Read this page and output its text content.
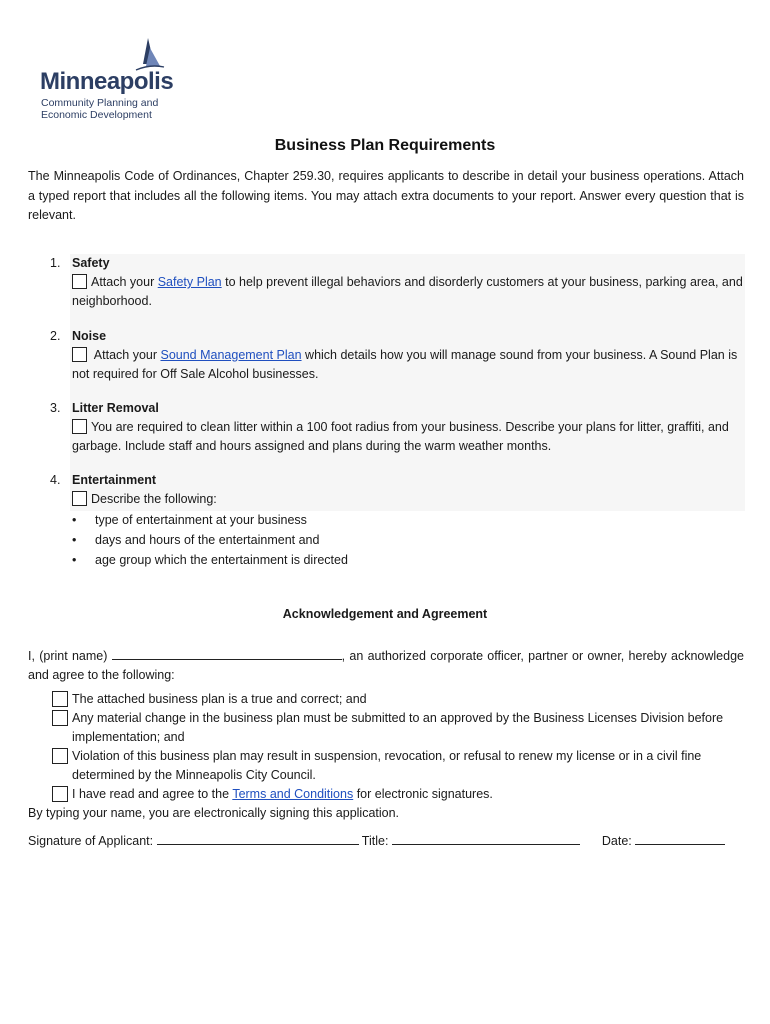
Minneapolis
Community Planning and
Economic Development
Business Plan Requirements

The Minneapolis Code of Ordinances, Chapter 259.30, requires applicants to describe in detail your business operations. Attach a typed report that includes all the following items. You may attach extra documents to your report. Answer every question that is relevant.

1. Safety
Attach your Safety Plan to help prevent illegal behaviors and disorderly customers at your business, parking area, and neighborhood.
2. Noise
Attach your Sound Management Plan which details how you will manage sound from your business. A Sound Plan is not required for Off Sale Alcohol businesses.
3. Litter Removal
You are required to clean litter within a 100 foot radius from your business. Describe your plans for litter, graffiti, and garbage. Include staff and hours assigned and plans during the warm weather months.
4. Entertainment
Describe the following:
• type of entertainment at your business
• days and hours of the entertainment and
• age group which the entertainment is directed
Acknowledgement and Agreement

I, (print name)	, an authorized corporate officer, partner or owner, hereby acknowledge and agree to the following:

The attached business plan is a true and correct; and
Any material change in the business plan must be submitted to an approved by the Business Licenses Division before implementation; and
Violation of this business plan may result in suspension, revocation, or refusal to renew my license or in a civil fine determined by the Minneapolis City Council.
I have read and agree to the Terms and Conditions for electronic signatures.
By typing your name, you are electronically signing this application.
Signature of Applicant:	Title:	Date:
